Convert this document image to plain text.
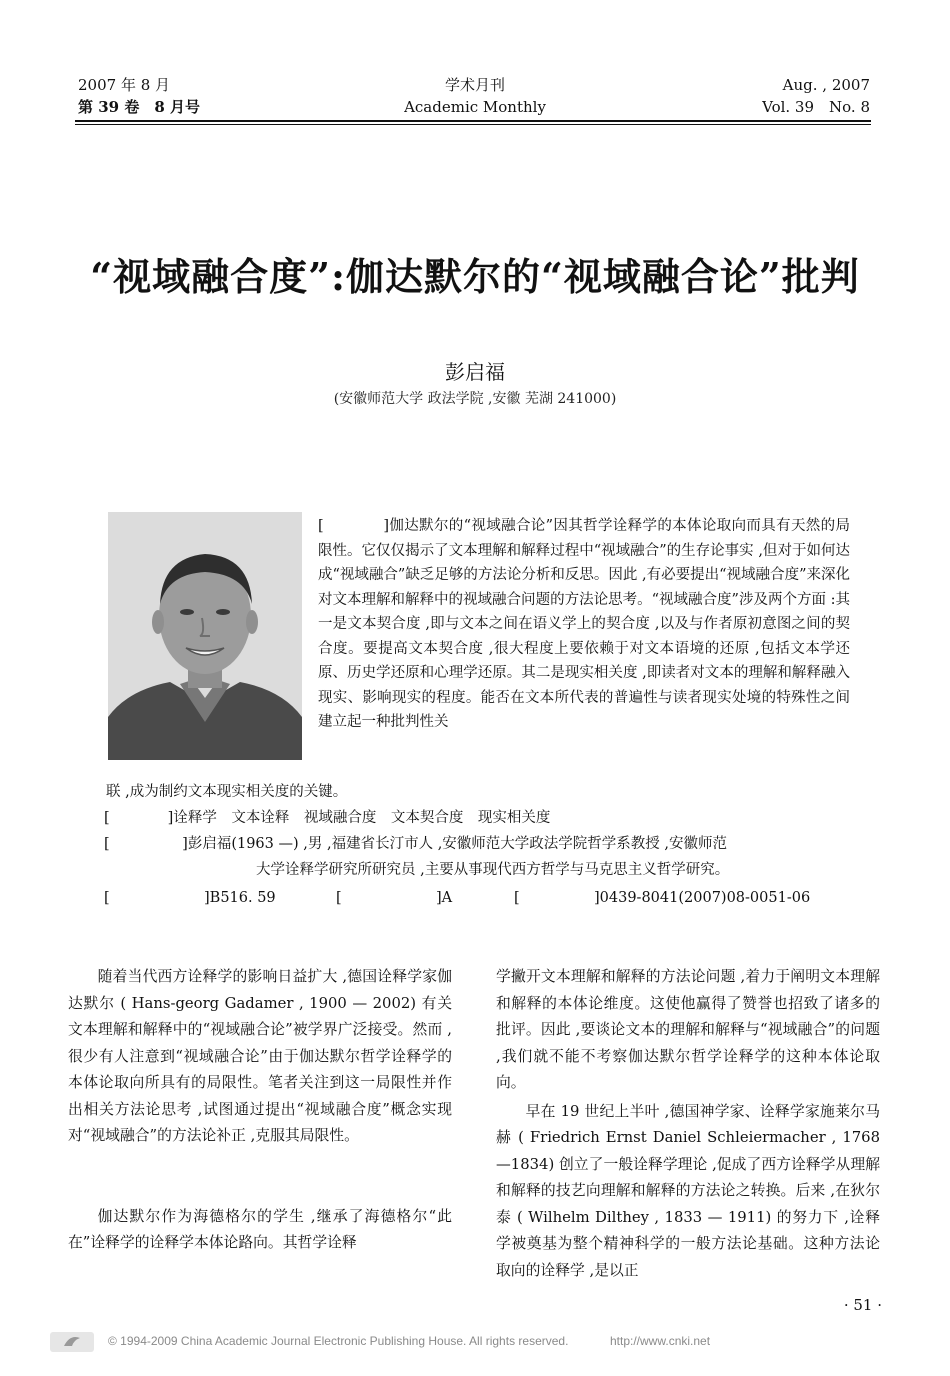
2007 年 8 月
第 39 卷　8 月号
学术月刊
Academic Monthly
Aug. , 2007
Vol. 39　No. 8
“视域融合度”:伽达默尔的“视域融合论”批判
彭启福
(安徽师范大学 政法学院 ,安徽 芜湖 241000)
[　　　　]伽达默尔的“视域融合论”因其哲学诠释学的本体论取向而具有天然的局限性。它仅仅揭示了文本理解和解释过程中“视域融合”的生存论事实 ,但对于如何达成“视域融合”缺乏足够的方法论分析和反思。因此 ,有必要提出“视域融合度”来深化对文本理解和解释中的视域融合问题的方法论思考。“视域融合度”涉及两个方面 :其一是文本契合度 ,即与文本之间在语义学上的契合度 ,以及与作者原初意图之间的契合度。要提高文本契合度 ,很大程度上要依赖于对文本语境的还原 ,包括文本学还原、历史学还原和心理学还原。其二是现实相关度 ,即读者对文本的理解和解释融入现实、影响现实的程度。能否在文本所代表的普遍性与读者现实处境的特殊性之间建立起一种批判性关
联 ,成为制约文本现实相关度的关键。
[　　　　]诠释学　文本诠释　视域融合度　文本契合度　现实相关度
[　　　　　]彭启福(1963 —) ,男 ,福建省长汀市人 ,安徽师范大学政法学院哲学系教授 ,安徽师范
大学诠释学研究所研究员 ,主要从事现代西方哲学与马克思主义哲学研究。
[	]B516. 59	[	]A	[	]0439-8041(2007)08-0051-06

随着当代西方诠释学的影响日益扩大 ,德国诠释学家伽达默尔 ( Hans-georg Gadamer , 1900 — 2002) 有关文本理解和解释中的“视域融合论”被学界广泛接受。然而 ,很少有人注意到“视域融合论”由于伽达默尔哲学诠释学的本体论取向所具有的局限性。笔者关注到这一局限性并作出相关方法论思考 ,试图通过提出“视域融合度”概念实现对“视域融合”的方法论补正 ,克服其局限性。

伽达默尔作为海德格尔的学生 ,继承了海德格尔“此在”诠释学的诠释学本体论路向。其哲学诠释

学撇开文本理解和解释的方法论问题 ,着力于阐明文本理解和解释的本体论维度。这使他赢得了赞誉也招致了诸多的批评。因此 ,要谈论文本的理解和解释与“视域融合”的问题 ,我们就不能不考察伽达默尔哲学诠释学的这种本体论取向。

早在 19 世纪上半叶 ,德国神学家、诠释学家施莱尔马赫 ( Friedrich Ernst Daniel Schleiermacher , 1768 —1834) 创立了一般诠释学理论 ,促成了西方诠释学从理解和解释的技艺向理解和解释的方法论之转换。后来 ,在狄尔泰 ( Wilhelm Dilthey , 1833 — 1911) 的努力下 ,诠释学被奠基为整个精神科学的一般方法论基础。这种方法论取向的诠释学 ,是以正

· 51 ·
© 1994-2009 China Academic Journal Electronic Publishing House. All rights reserved.	http://www.cnki.net
